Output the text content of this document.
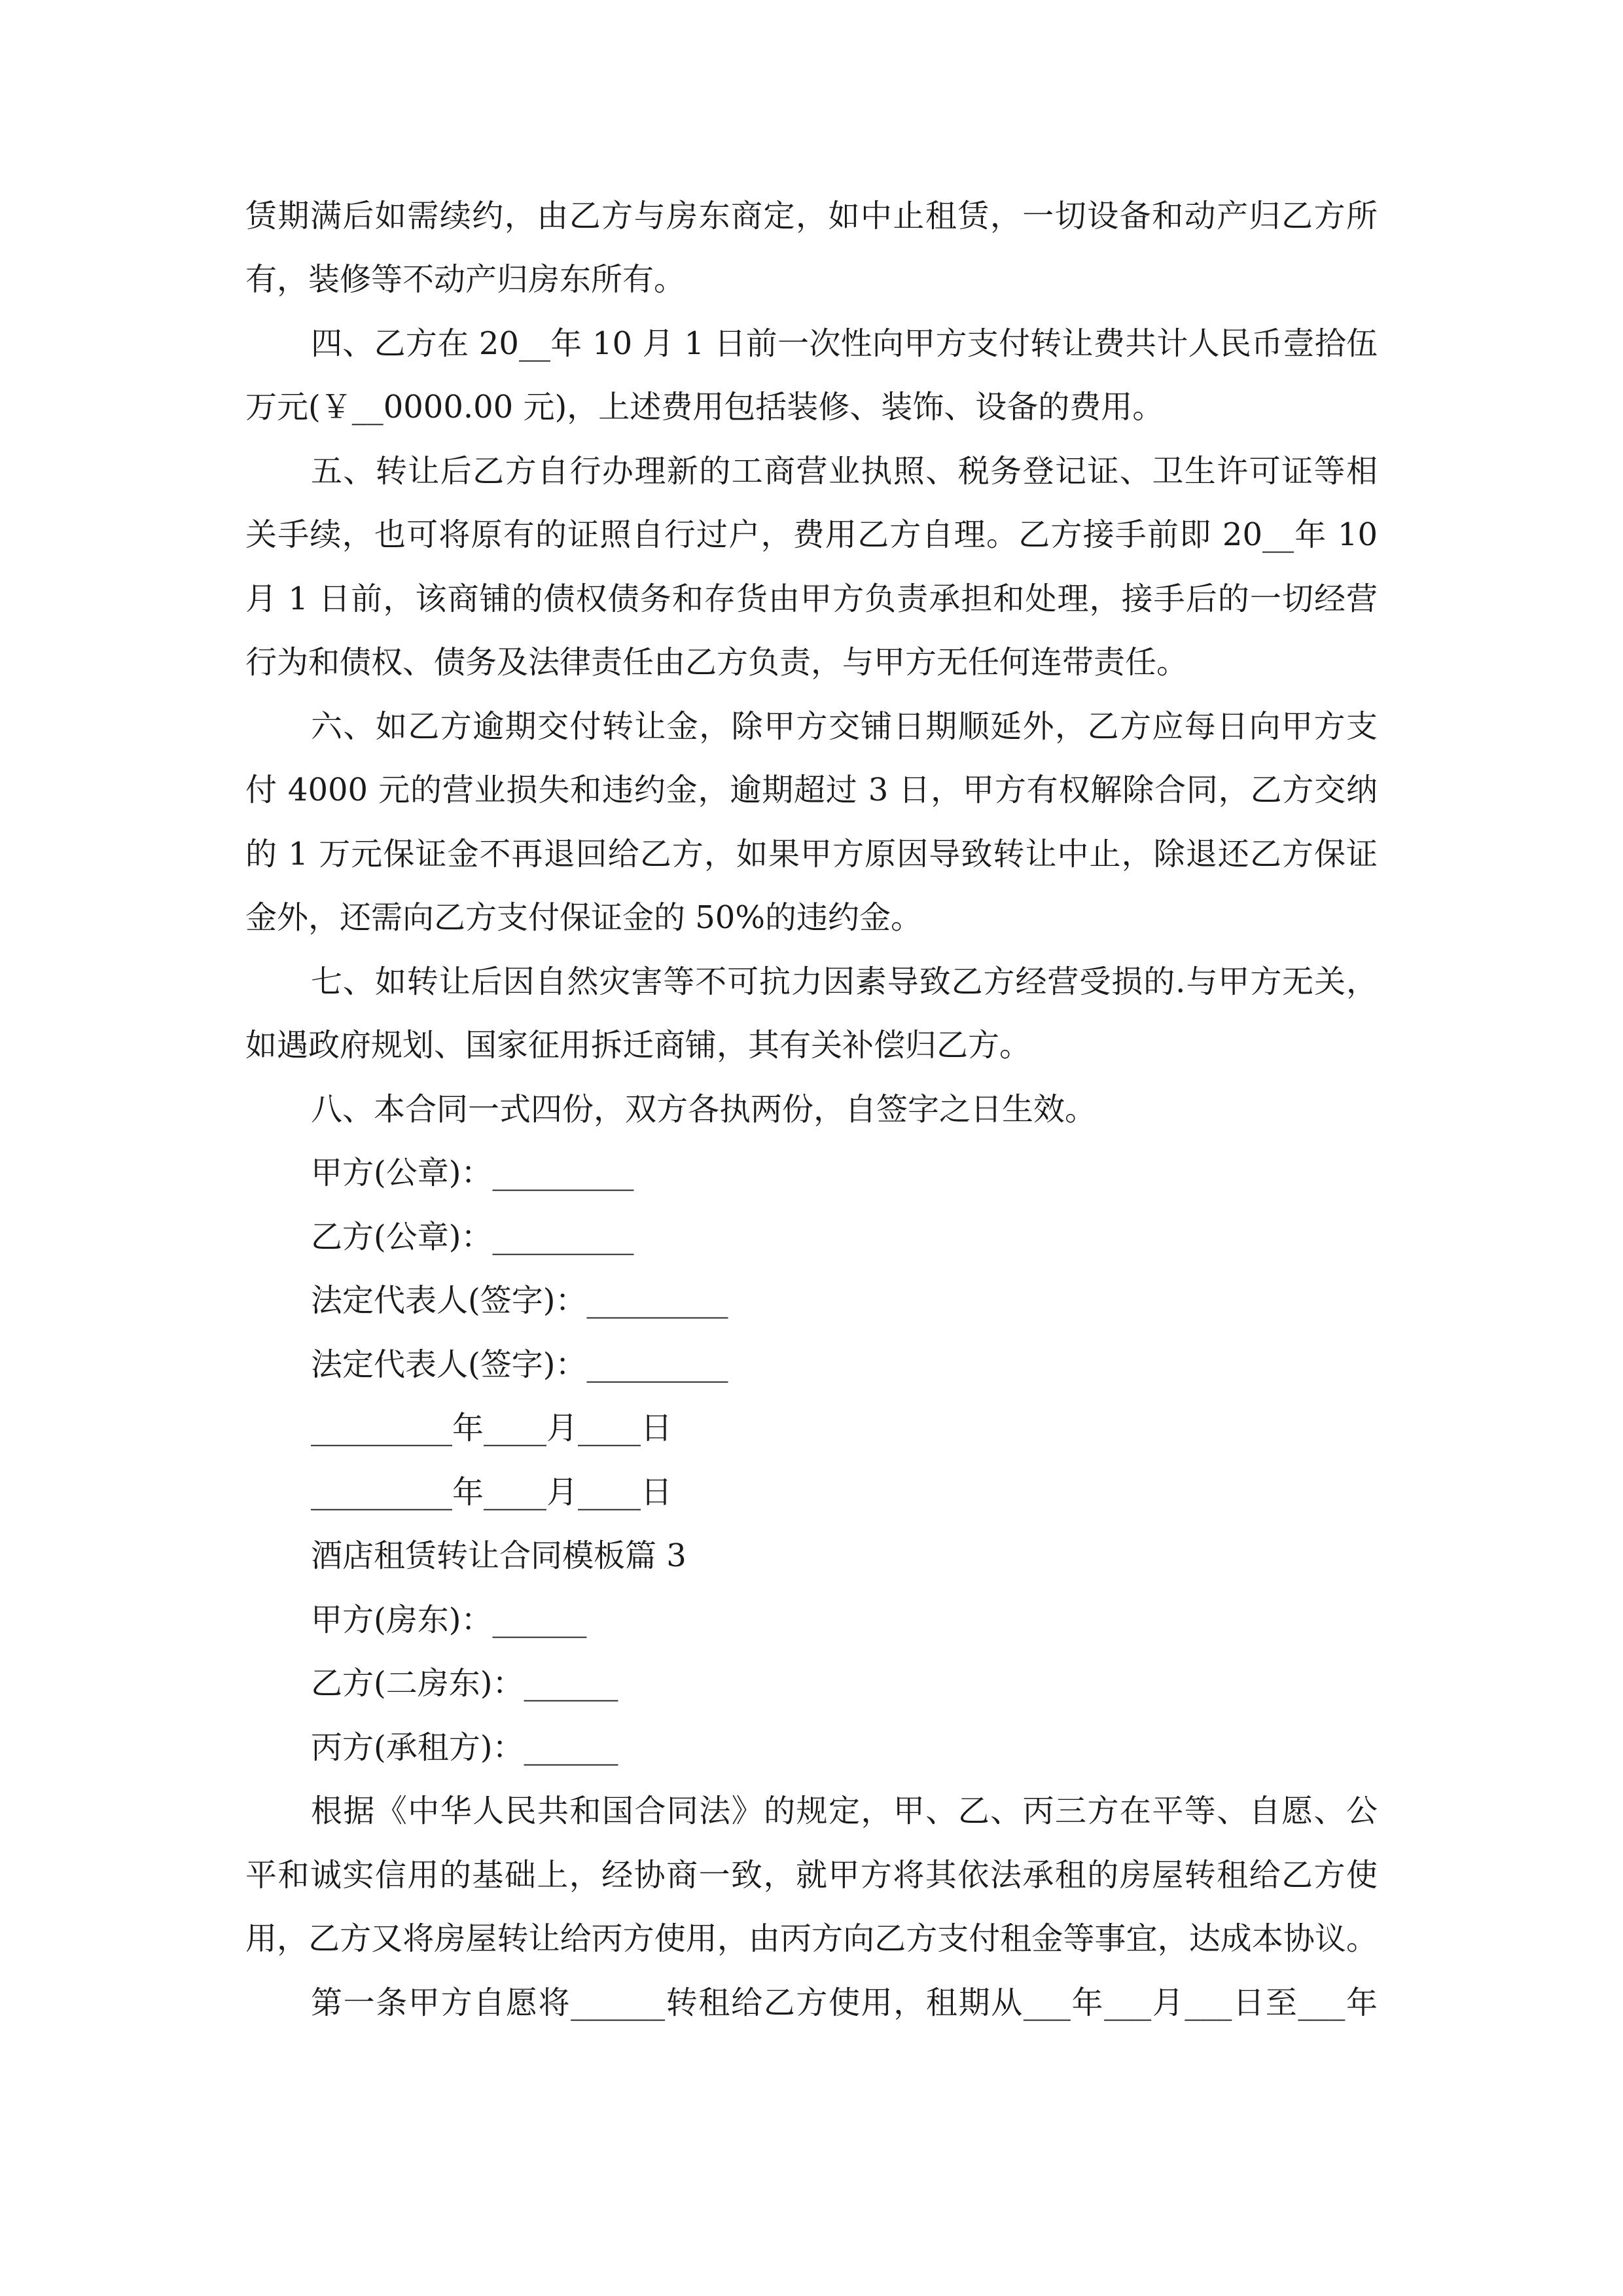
赁期满后如需续约，由乙方与房东商定，如中止租赁，一切设备和动产归乙方所
有，装修等不动产归房东所有。
四、乙方在 20__年 10 月 1 日前一次性向甲方支付转让费共计人民币壹拾伍
万元(￥__0000.00 元)，上述费用包括装修、装饰、设备的费用。
五、转让后乙方自行办理新的工商营业执照、税务登记证、卫生许可证等相
关手续，也可将原有的证照自行过户，费用乙方自理。乙方接手前即 20__年 10
月 1 日前，该商铺的债权债务和存货由甲方负责承担和处理，接手后的一切经营
行为和债权、债务及法律责任由乙方负责，与甲方无任何连带责任。
六、如乙方逾期交付转让金，除甲方交铺日期顺延外，乙方应每日向甲方支
付 4000 元的营业损失和违约金，逾期超过 3 日，甲方有权解除合同，乙方交纳
的 1 万元保证金不再退回给乙方，如果甲方原因导致转让中止，除退还乙方保证
金外，还需向乙方支付保证金的 50%的违约金。
七、如转让后因自然灾害等不可抗力因素导致乙方经营受损的.与甲方无关，
如遇政府规划、国家征用拆迁商铺，其有关补偿归乙方。
八、本合同一式四份，双方各执两份，自签字之日生效。
甲方(公章)：_________
乙方(公章)：_________
法定代表人(签字)：_________
法定代表人(签字)：_________
_________年____月____日
_________年____月____日
酒店租赁转让合同模板篇 3
甲方(房东)：______
乙方(二房东)：______
丙方(承租方)：______
根据《中华人民共和国合同法》的规定，甲、乙、丙三方在平等、自愿、公
平和诚实信用的基础上，经协商一致，就甲方将其依法承租的房屋转租给乙方使
用，乙方又将房屋转让给丙方使用，由丙方向乙方支付租金等事宜，达成本协议。
第一条甲方自愿将______转租给乙方使用，租期从___年___月___日至___年
